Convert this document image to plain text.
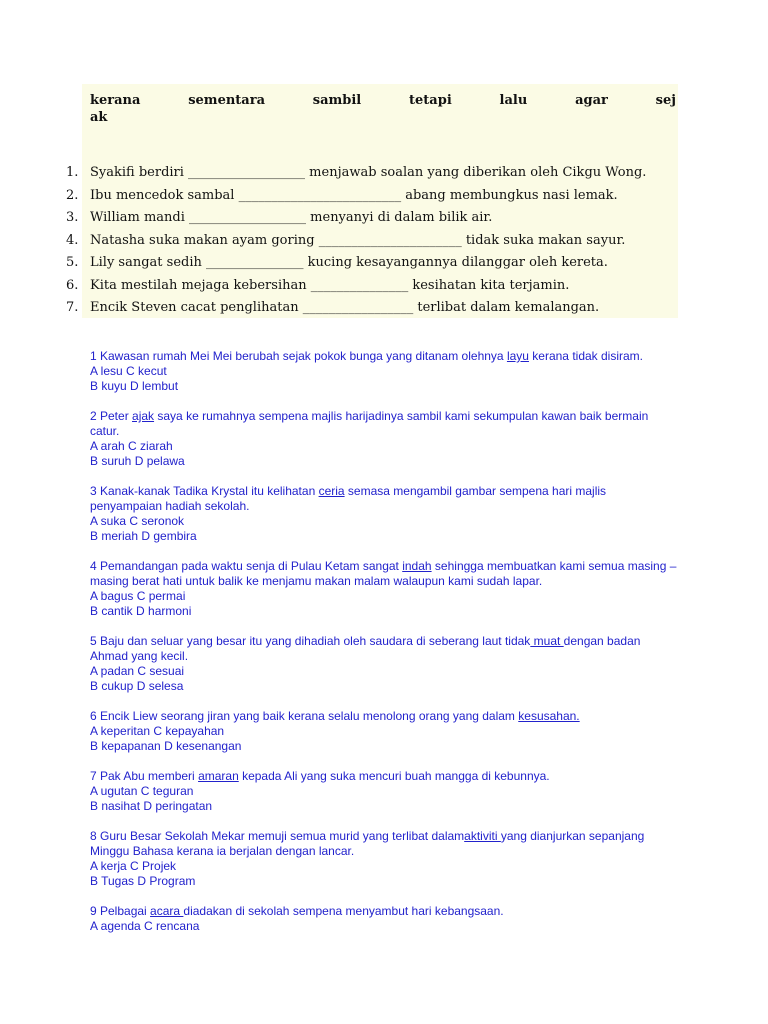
kerana	sementara	sambil	tetapi	lalu	agar	sej
ak
1. Syakifi berdiri __________________ menjawab soalan yang diberikan oleh Cikgu Wong.
2. Ibu mencedok sambal _________________________ abang membungkus nasi lemak.
3. William mandi __________________ menyanyi di dalam bilik air.
4. Natasha suka makan ayam goring ______________________ tidak suka makan sayur.
5. Lily sangat sedih _______________ kucing kesayangannya dilanggar oleh kereta.
6. Kita mestilah mejaga kebersihan _______________ kesihatan kita terjamin.
7. Encik Steven cacat penglihatan _________________ terlibat dalam kemalangan.

1 Kawasan rumah Mei Mei berubah sejak pokok bunga yang ditanam olehnya layu kerana tidak disiram.

A lesu C kecut

B kuyu D lembut

2 Peter ajak saya ke rumahnya sempena majlis harijadinya sambil kami sekumpulan kawan baik bermain catur.

A arah C ziarah

B suruh D pelawa

3 Kanak-kanak Tadika Krystal itu kelihatan ceria semasa mengambil gambar sempena hari majlis penyampaian hadiah sekolah.

A suka C seronok

B meriah D gembira

4 Pemandangan pada waktu senja di Pulau Ketam sangat indah sehingga membuatkan kami semua masing – masing berat hati untuk balik ke menjamu makan malam walaupun kami sudah lapar.

A bagus C permai

B cantik D harmoni

5 Baju dan seluar yang besar itu yang dihadiah oleh saudara di seberang laut tidak muat dengan badan Ahmad yang kecil.

A padan C sesuai

B cukup D selesa

6 Encik Liew seorang jiran yang baik kerana selalu menolong orang yang dalam kesusahan.

A keperitan C kepayahan

B kepapanan D kesenangan

7 Pak Abu memberi amaran kepada Ali yang suka mencuri buah mangga di kebunnya.

A ugutan C teguran

B nasihat D peringatan

8 Guru Besar Sekolah Mekar memuji semua murid yang terlibat dalamaktiviti yang dianjurkan sepanjang Minggu Bahasa kerana ia berjalan dengan lancar.

A kerja C Projek

B Tugas D Program

9 Pelbagai acara diadakan di sekolah sempena menyambut hari kebangsaan.

A agenda C rencana
